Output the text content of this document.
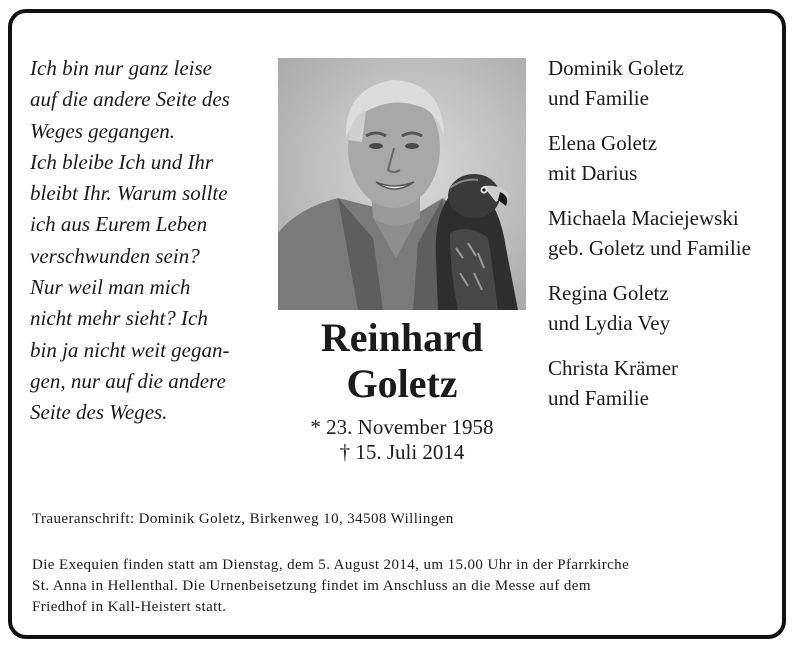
Ich bin nur ganz leise
auf die andere Seite des
Weges gegangen.
Ich bleibe Ich und Ihr
bleibt Ihr. Warum sollte
ich aus Eurem Leben
verschwunden sein?
Nur weil man mich
nicht mehr sieht? Ich
bin ja nicht weit gegan-
gen, nur auf die andere
Seite des Weges.
Reinhard
Goletz
* 23. November 1958
† 15. Juli 2014
Dominik Goletz
und Familie
Elena Goletz
mit Darius
Michaela Maciejewski
geb. Goletz und Familie
Regina Goletz
und Lydia Vey
Christa Krämer
und Familie
Traueranschrift: Dominik Goletz, Birkenweg 10, 34508 Willingen
Die Exequien finden statt am Dienstag, dem 5. August 2014, um 15.00 Uhr in der Pfarrkirche
St. Anna in Hellenthal. Die Urnenbeisetzung findet im Anschluss an die Messe auf dem
Friedhof in Kall-Heistert statt.
